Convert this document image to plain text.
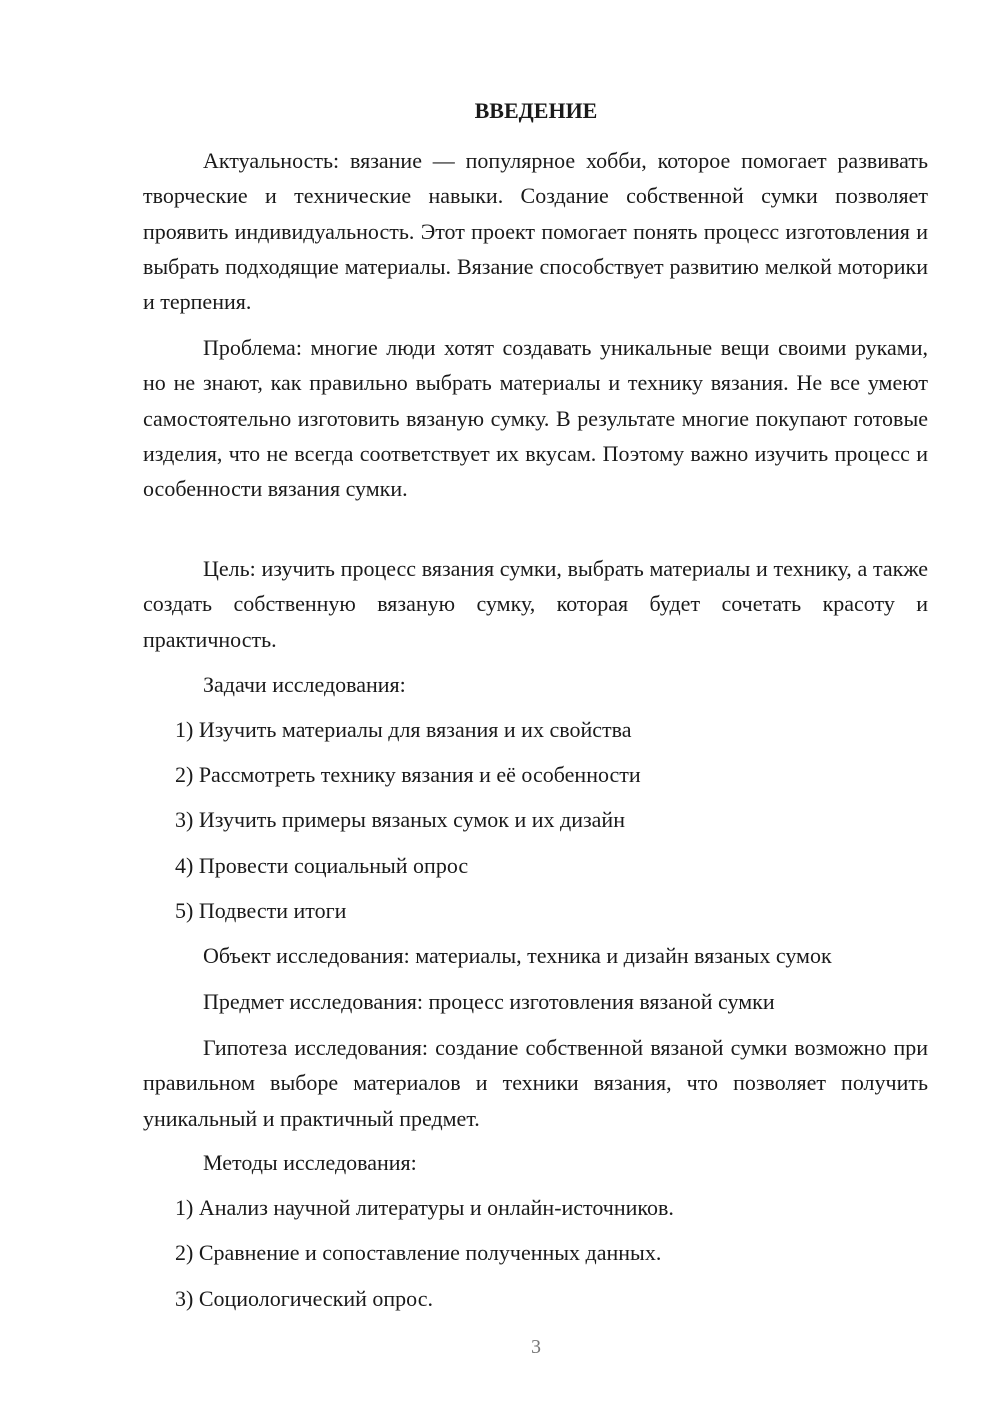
ВВЕДЕНИЕ

Актуальность: вязание — популярное хобби, которое помогает развивать творческие и технические навыки. Создание собственной сумки позволяет проявить индивидуальность. Этот проект помогает понять процесс изготовления и выбрать подходящие материалы. Вязание способствует развитию мелкой моторики и терпения.

Проблема: многие люди хотят создавать уникальные вещи своими руками, но не знают, как правильно выбрать материалы и технику вязания. Не все умеют самостоятельно изготовить вязаную сумку. В результате многие покупают готовые изделия, что не всегда соответствует их вкусам. Поэтому важно изучить процесс и особенности вязания сумки.

Цель: изучить процесс вязания сумки, выбрать материалы и технику, а также создать собственную вязаную сумку, которая будет сочетать красоту и практичность.

Задачи исследования:

1) Изучить материалы для вязания и их свойства

2) Рассмотреть технику вязания и её особенности

3) Изучить примеры вязаных сумок и их дизайн

4) Провести социальный опрос

5) Подвести итоги

Объект исследования: материалы, техника и дизайн вязаных сумок

Предмет исследования: процесс изготовления вязаной сумки

Гипотеза исследования: создание собственной вязаной сумки возможно при правильном выборе материалов и техники вязания, что позволяет получить уникальный и практичный предмет.

Методы исследования:

1) Анализ научной литературы и онлайн-источников.

2) Сравнение и сопоставление полученных данных.

3) Социологический опрос.

3
